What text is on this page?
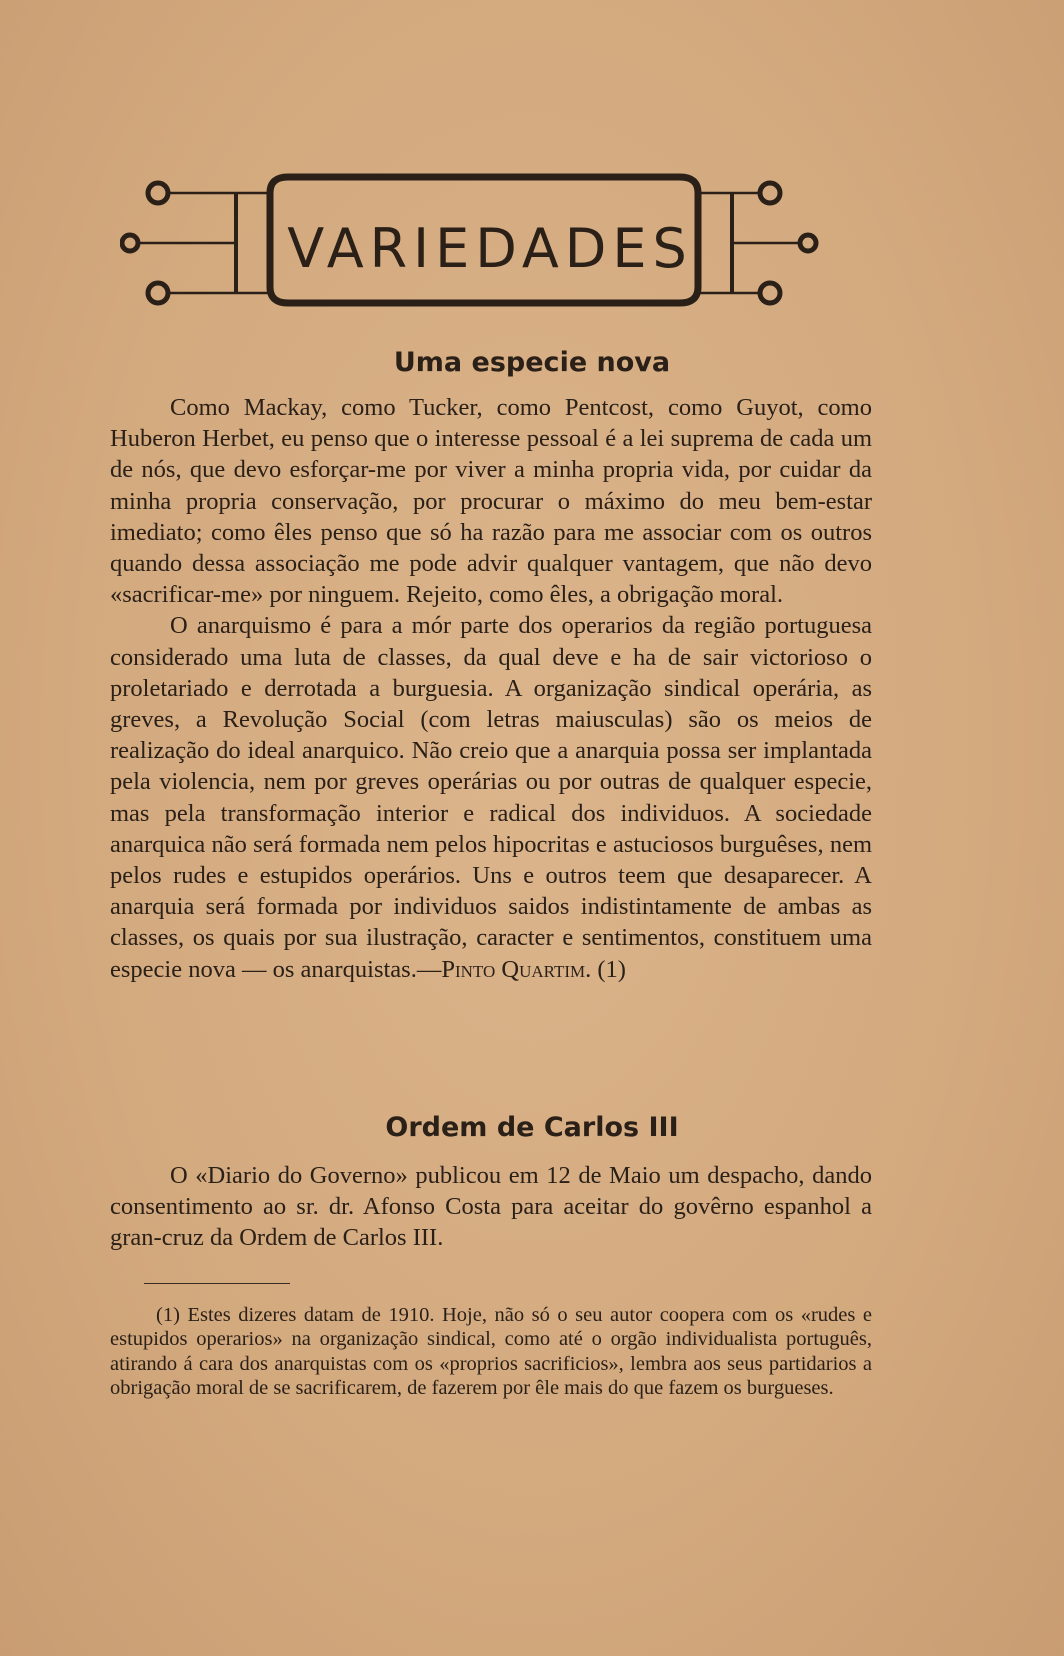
VARIEDADES
Uma especie nova

Como Mackay, como Tucker, como Pentcost, como Guyot, como Huberon Herbet, eu penso que o interesse pessoal é a lei suprema de cada um de nós, que devo esforçar-me por viver a minha propria vida, por cuidar da minha propria conservação, por procurar o máximo do meu bem-estar imediato; como êles penso que só ha razão para me associar com os outros quando dessa associação me pode advir qualquer vantagem, que não devo «sacrificar-me» por ninguem. Rejeito, como êles, a obrigação moral.

O anarquismo é para a mór parte dos operarios da região portuguesa considerado uma luta de classes, da qual deve e ha de sair victorioso o proletariado e derrotada a burguesia. A organização sindical operária, as greves, a Revolução Social (com letras maiusculas) são os meios de realização do ideal anarquico. Não creio que a anarquia possa ser implantada pela violencia, nem por greves operárias ou por outras de qualquer especie, mas pela transformação interior e radical dos individuos. A sociedade anarquica não será formada nem pelos hipocritas e astuciosos burguêses, nem pelos rudes e estupidos operários. Uns e outros teem que desaparecer. A anarquia será formada por individuos saidos indistintamente de ambas as classes, os quais por sua ilustração, caracter e sentimentos, constituem uma especie nova — os anarquistas.—Pinto Quartim. (1)

Ordem de Carlos III

O «Diario do Governo» publicou em 12 de Maio um despacho, dando consentimento ao sr. dr. Afonso Costa para aceitar do govêrno espanhol a gran-cruz da Ordem de Carlos III.

(1) Estes dizeres datam de 1910. Hoje, não só o seu autor coopera com os «rudes e estupidos operarios» na organização sindical, como até o orgão individualista português, atirando á cara dos anarquistas com os «proprios sacrificios», lembra aos seus partidarios a obrigação moral de se sacrificarem, de fazerem por êle mais do que fazem os burgueses.
